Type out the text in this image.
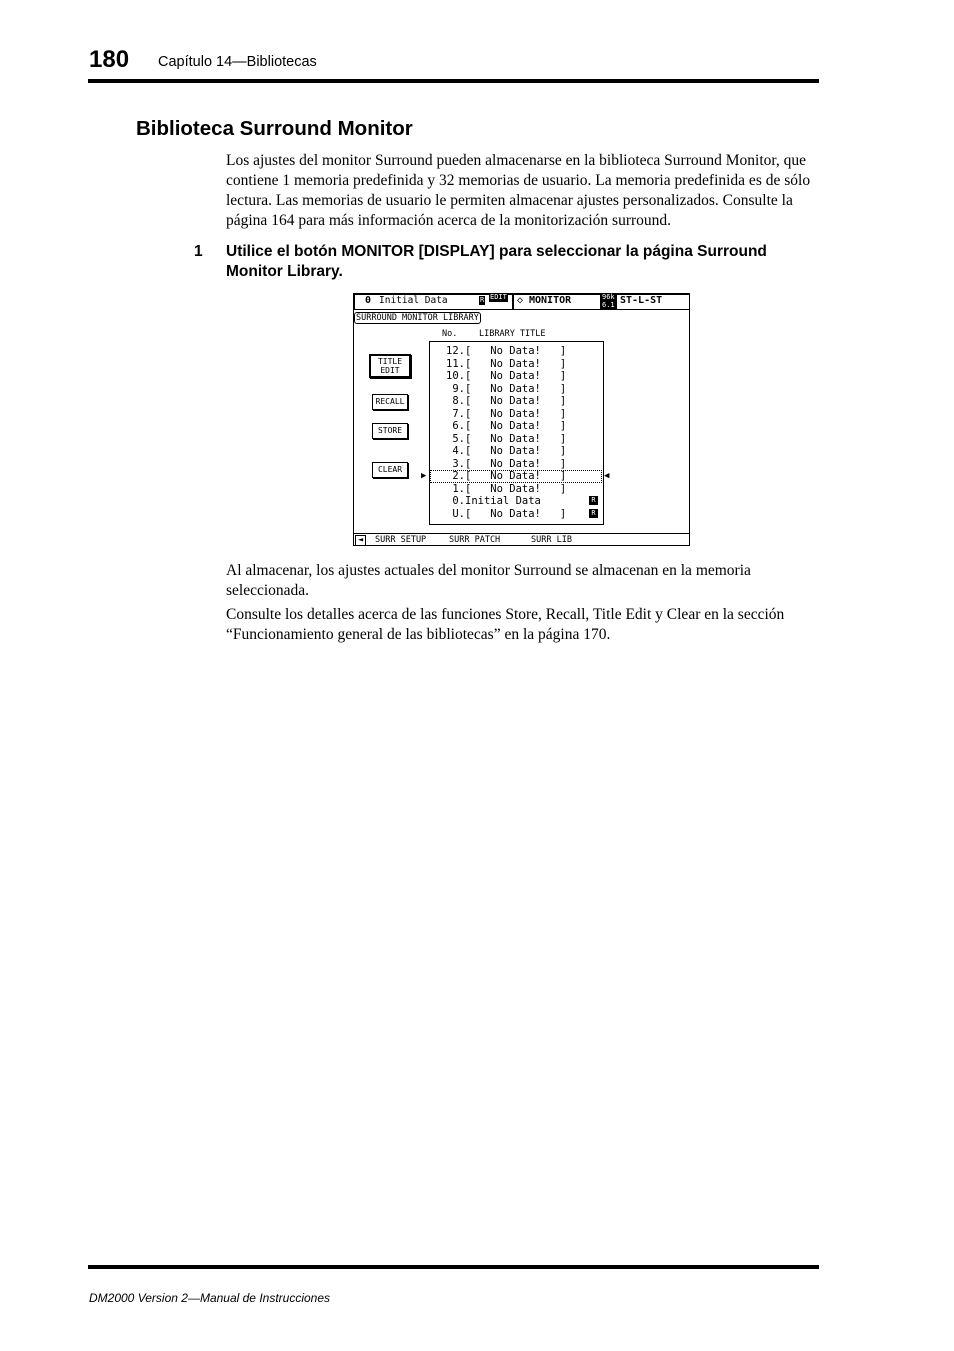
180 Capítulo 14—Bibliotecas

Biblioteca Surround Monitor

Los ajustes del monitor Surround pueden almacenarse en la biblioteca Surround Monitor, que contiene 1 memoria predefinida y 32 memorias de usuario. La memoria predefinida es de sólo lectura. Las memorias de usuario le permiten almacenar ajustes personalizados. Consulte la página 164 para más información acerca de la monitorización surround.

1 Utilice el botón MONITOR [DISPLAY] para seleccionar la página Surround Monitor Library.

0 Initial Data	R EDIT ◇ MONITOR	96k
6.1 ST-L-ST
SURROUND MONITOR LIBRARY
No.	LIBRARY TITLE
TITLE
EDIT
RECALL
STORE
CLEAR
▶	◀
12.[   No Data!   ]
11.[   No Data!   ]
10.[   No Data!   ]
9.[   No Data!   ]
8.[   No Data!   ]
7.[   No Data!   ]
6.[   No Data!   ]
5.[   No Data!   ]
4.[   No Data!   ]
3.[   No Data!   ]
2.[   No Data!   ]
1.[   No Data!   ]
0.Initial Data	R
U.[   No Data!   ]	R
◄	SURR SETUP	SURR PATCH	SURR LIB

Al almacenar, los ajustes actuales del monitor Surround se almacenan en la memoria seleccionada.

Consulte los detalles acerca de las funciones Store, Recall, Title Edit y Clear en la sección “Funcionamiento general de las bibliotecas” en la página 170.

DM2000 Version 2—Manual de Instrucciones
